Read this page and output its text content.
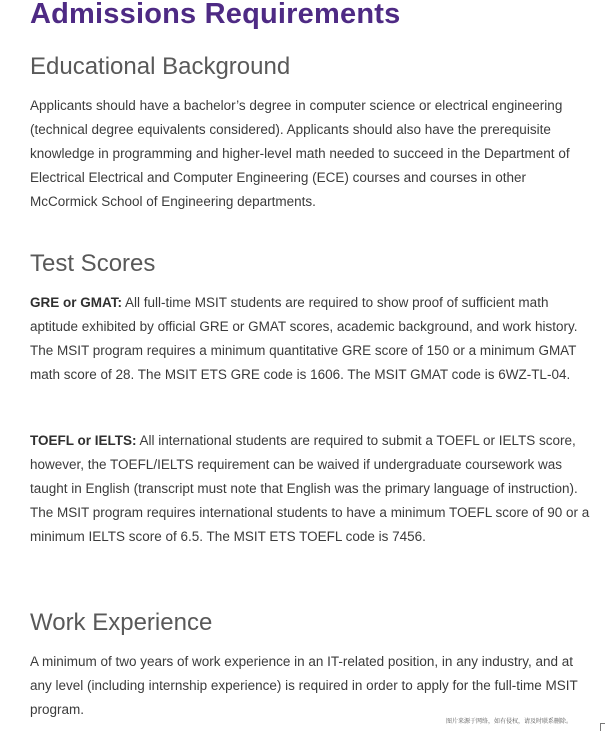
Admissions Requirements
Educational Background

Applicants should have a bachelor’s degree in computer science or electrical engineering (technical degree equivalents considered). Applicants should also have the prerequisite knowledge in programming and higher-level math needed to succeed in the Department of Electrical Electrical and Computer Engineering (ECE) courses and courses in other McCormick School of Engineering departments.

Test Scores

GRE or GMAT: All full-time MSIT students are required to show proof of sufficient math aptitude exhibited by official GRE or GMAT scores, academic background, and work history. The MSIT program requires a minimum quantitative GRE score of 150 or a minimum GMAT math score of 28. The MSIT ETS GRE code is 1606. The MSIT GMAT code is 6WZ-TL-04.

TOEFL or IELTS: All international students are required to submit a TOEFL or IELTS score, however, the TOEFL/IELTS requirement can be waived if undergraduate coursework was taught in English (transcript must note that English was the primary language of instruction). The MSIT program requires international students to have a minimum TOEFL score of 90 or a minimum IELTS score of 6.5. The MSIT ETS TOEFL code is 7456.

Work Experience

A minimum of two years of work experience in an IT-related position, in any industry, and at any level (including internship experience) is required in order to apply for the full-time MSIT program.

图片来源于网络，如有侵权，请及时联系删除。
